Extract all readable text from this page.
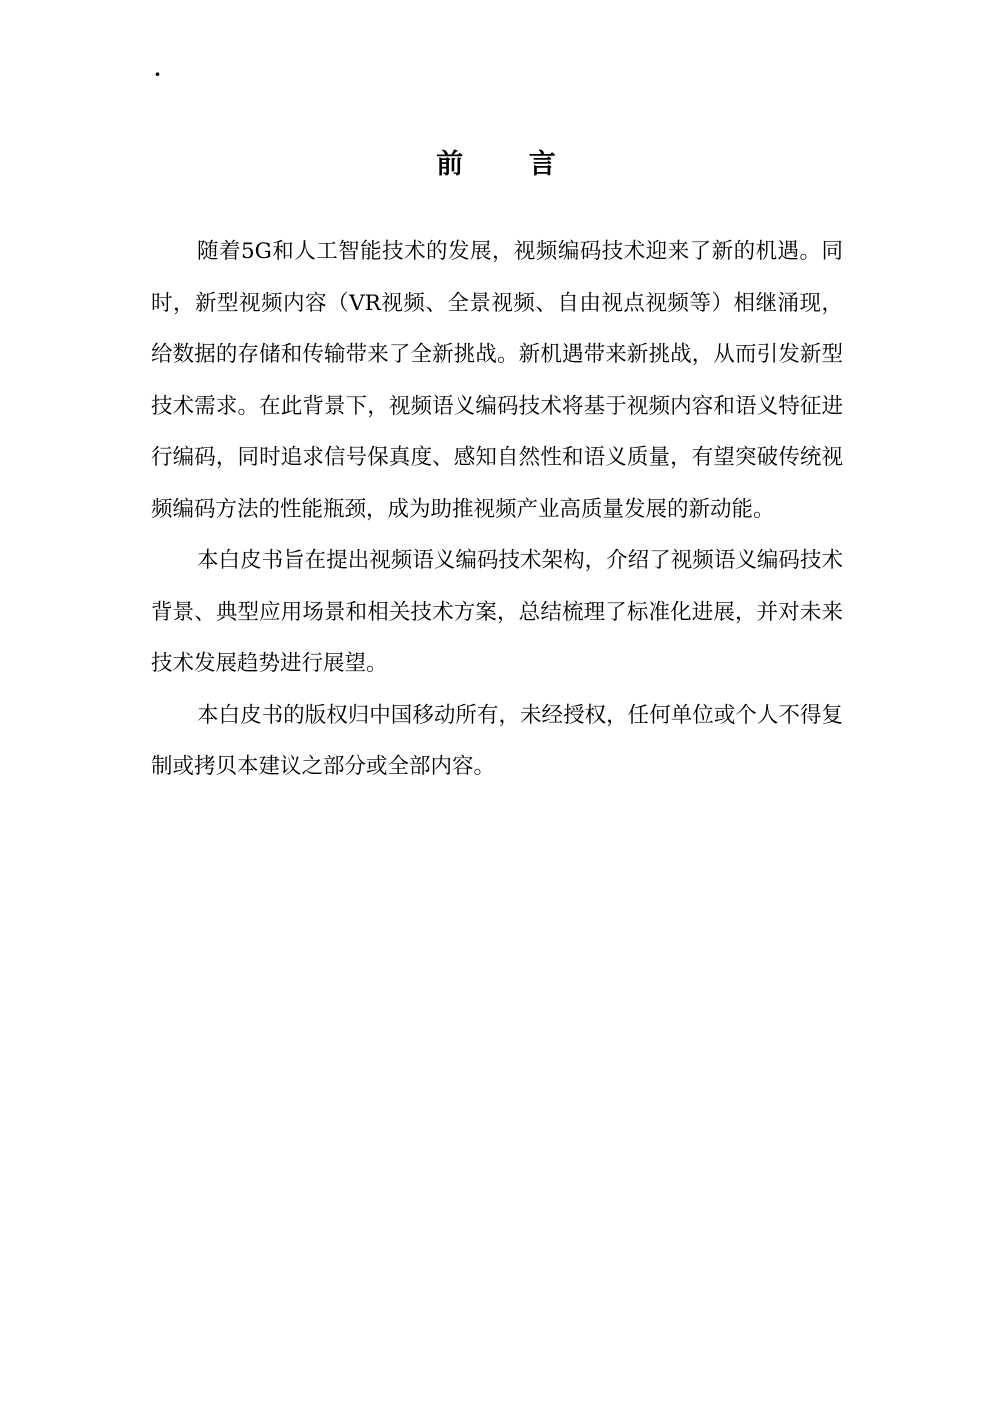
·
前 言

随着5G和人工智能技术的发展，视频编码技术迎来了新的机遇。同时，新型视频内容（VR视频、全景视频、自由视点视频等）相继涌现，给数据的存储和传输带来了全新挑战。新机遇带来新挑战，从而引发新型技术需求。在此背景下，视频语义编码技术将基于视频内容和语义特征进行编码，同时追求信号保真度、感知自然性和语义质量，有望突破传统视频编码方法的性能瓶颈，成为助推视频产业高质量发展的新动能。

本白皮书旨在提出视频语义编码技术架构，介绍了视频语义编码技术背景、典型应用场景和相关技术方案，总结梳理了标准化进展，并对未来技术发展趋势进行展望。

本白皮书的版权归中国移动所有，未经授权，任何单位或个人不得复制或拷贝本建议之部分或全部内容。
